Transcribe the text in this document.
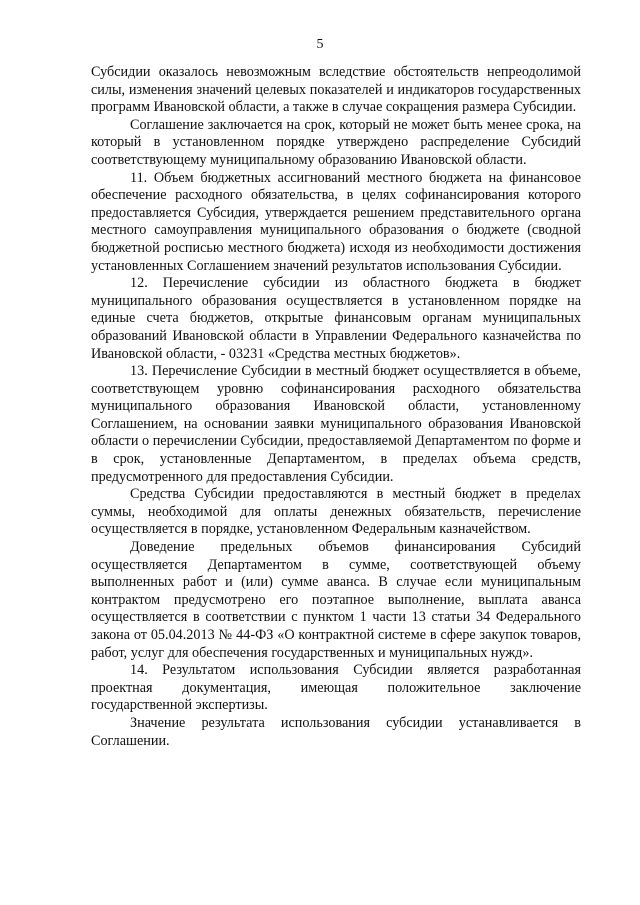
5

Субсидии оказалось невозможным вследствие обстоятельств непреодолимой силы, изменения значений целевых показателей и индикаторов государственных программ Ивановской области, а также в случае сокращения размера Субсидии.

Соглашение заключается на срок, который не может быть менее срока, на который в установленном порядке утверждено распределение Субсидий соответствующему муниципальному образованию Ивановской области.

11. Объем бюджетных ассигнований местного бюджета на финансовое обеспечение расходного обязательства, в целях софинансирования которого предоставляется Субсидия, утверждается решением представительного органа местного самоуправления муниципального образования о бюджете (сводной бюджетной росписью местного бюджета) исходя из необходимости достижения установленных Соглашением значений результатов использования Субсидии.

12. Перечисление субсидии из областного бюджета в бюджет муниципального образования осуществляется в установленном порядке на единые счета бюджетов, открытые финансовым органам муниципальных образований Ивановской области в Управлении Федерального казначейства по Ивановской области, - 03231 «Средства местных бюджетов».

13. Перечисление Субсидии в местный бюджет осуществляется в объеме, соответствующем уровню софинансирования расходного обязательства муниципального образования Ивановской области, установленному Соглашением, на основании заявки муниципального образования Ивановской области о перечислении Субсидии, предоставляемой Департаментом по форме и в срок, установленные Департаментом, в пределах объема средств, предусмотренного для предоставления Субсидии.

Средства Субсидии предоставляются в местный бюджет в пределах суммы, необходимой для оплаты денежных обязательств, перечисление осуществляется в порядке, установленном Федеральным казначейством.

Доведение предельных объемов финансирования Субсидий осуществляется Департаментом в сумме, соответствующей объему выполненных работ и (или) сумме аванса. В случае если муниципальным контрактом предусмотрено его поэтапное выполнение, выплата аванса осуществляется в соответствии с пунктом 1 части 13 статьи 34 Федерального закона от 05.04.2013 № 44-ФЗ «О контрактной системе в сфере закупок товаров, работ, услуг для обеспечения государственных и муниципальных нужд».

14. Результатом использования Субсидии является разработанная проектная документация, имеющая положительное заключение государственной экспертизы.

Значение результата использования субсидии устанавливается в Соглашении.
